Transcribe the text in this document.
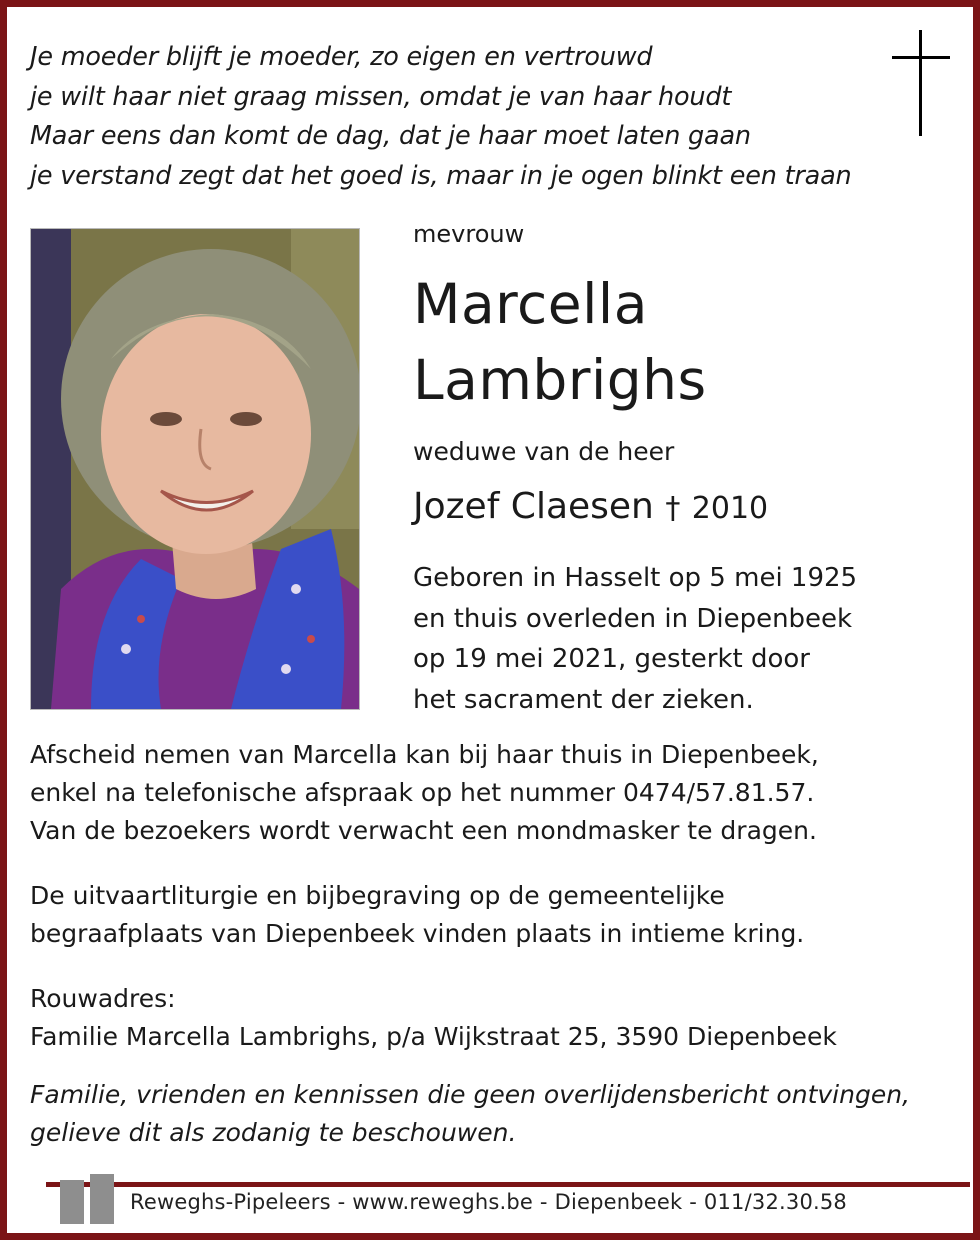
Je moeder blijft je moeder, zo eigen en vertrouwd
je wilt haar niet graag missen, omdat je van haar houdt
Maar eens dan komt de dag, dat je haar moet laten gaan
je verstand zegt dat het goed is, maar in je ogen blinkt een traan
mevrouw
Marcella
Lambrighs
weduwe van de heer
Jozef Claesen † 2010
Geboren in Hasselt op 5 mei 1925
en thuis overleden in Diepenbeek
op 19 mei 2021, gesterkt door
het sacrament der zieken.
Afscheid nemen van Marcella kan bij haar thuis in Diepenbeek,
enkel na telefonische afspraak op het nummer 0474/57.81.57.
Van de bezoekers wordt verwacht een mondmasker te dragen.
De uitvaartliturgie en bijbegraving op de gemeentelijke
begraafplaats van Diepenbeek vinden plaats in intieme kring.
Rouwadres:
Familie Marcella Lambrighs, p/a Wijkstraat 25, 3590 Diepenbeek
Familie, vrienden en kennissen die geen overlijdensbericht ontvingen,
gelieve dit als zodanig te beschouwen.
Reweghs-Pipeleers - www.reweghs.be - Diepenbeek - 011/32.30.58
